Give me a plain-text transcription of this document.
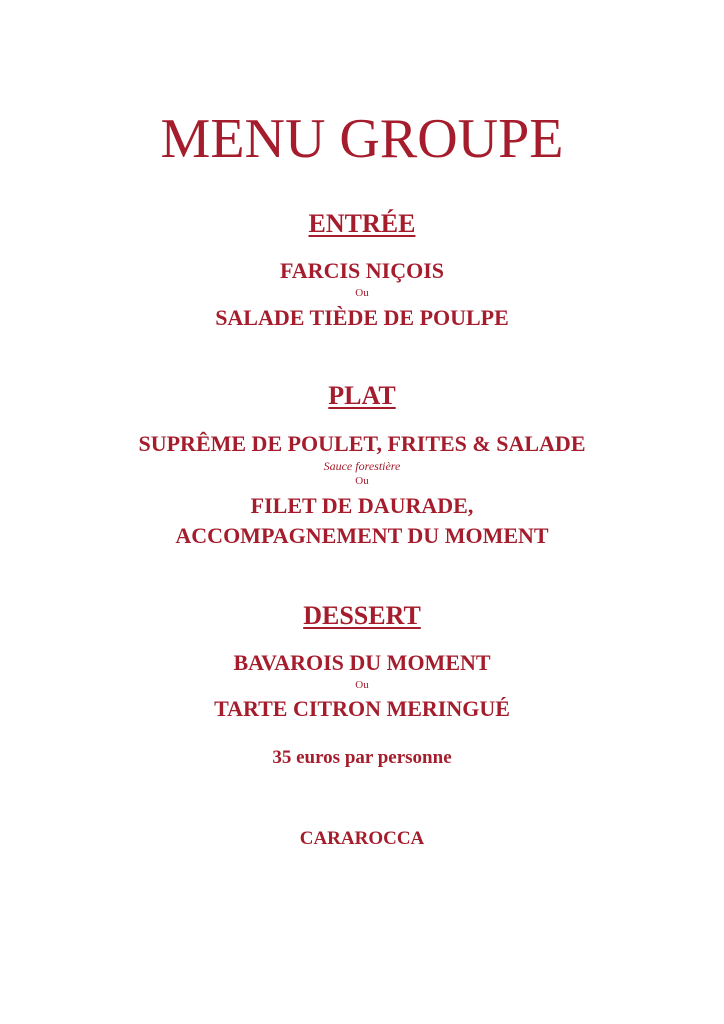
MENU GROUPE
ENTRÉE
FARCIS NIÇOIS
Ou
SALADE TIÈDE DE POULPE
PLAT
SUPRÊME DE POULET, FRITES & SALADE
Sauce forestière
Ou
FILET DE DAURADE,
ACCOMPAGNEMENT DU MOMENT
DESSERT
BAVAROIS DU MOMENT
Ou
TARTE CITRON MERINGUÉ
35 euros par personne
CARAROCCA
